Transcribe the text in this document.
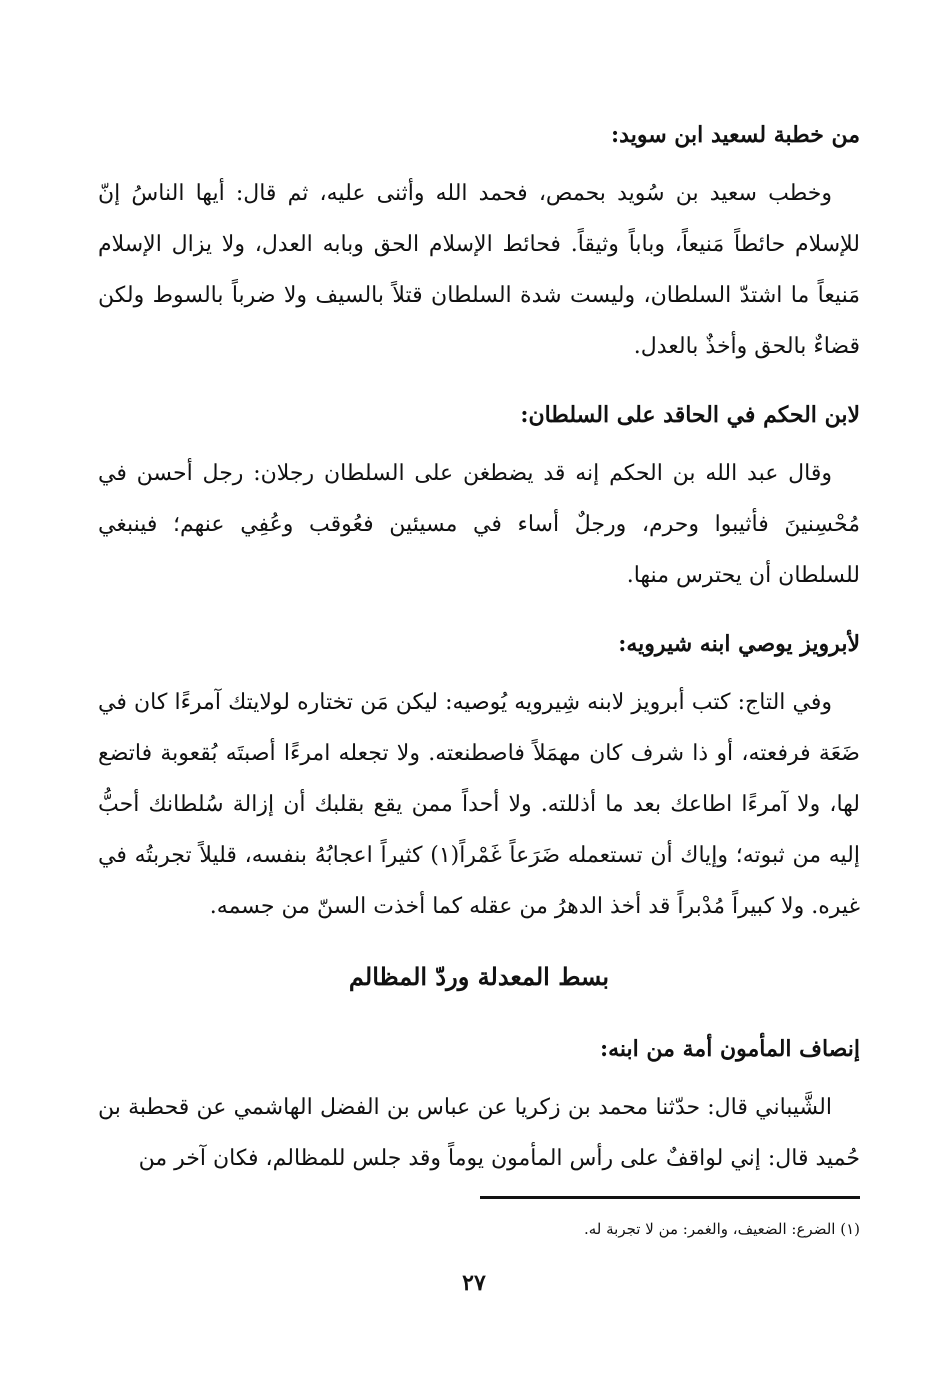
من خطبة لسعيد ابن سويد:

وخطب سعيد بن سُويد بحمص، فحمد الله وأثنى عليه، ثم قال: أيها الناسُ إنّ للإسلام حائطاً مَنيعاً، وباباً وثيقاً. فحائط الإسلام الحق وبابه العدل، ولا يزال الإسلام مَنيعاً ما اشتدّ السلطان، وليست شدة السلطان قتلاً بالسيف ولا ضرباً بالسوط ولكن قضاءٌ بالحق وأخذٌ بالعدل.

لابن الحكم في الحاقد على السلطان:

وقال عبد الله بن الحكم إنه قد يضطغن على السلطان رجلان: رجل أحسن في مُحْسِنينَ فأثيبوا وحرم، ورجلٌ أساء في مسيئين فعُوقب وعُفِي عنهم؛ فينبغي للسلطان أن يحترس منها.

لأبرويز يوصي ابنه شيرويه:

وفي التاج: كتب أبرويز لابنه شِيرويه يُوصيه: ليكن مَن تختاره لولايتك آمرءًا كان في ضَعَة فرفعته، أو ذا شرف كان مهمَلاً فاصطنعته. ولا تجعله امرءًا أصبتَه بُقعوبة فاتضع لها، ولا آمرءًا اطاعك بعد ما أذللته. ولا أحداً ممن يقع بقلبك أن إزالة سُلطانك أحبُّ إليه من ثبوته؛ وإياك أن تستعمله ضَرَعاً غَمْراً(١) كثيراً اعجابُهُ بنفسه، قليلاً تجربتُه في غيره. ولا كبيراً مُدْبراً قد أخذ الدهرُ من عقله كما أخذت السنّ من جسمه.

بسط المعدلة وردّ المظالم
إنصاف المأمون أمة من ابنه:

الشَّيباني قال: حدّثنا محمد بن زكريا عن عباس بن الفضل الهاشمي عن قحطبة بن حُميد قال: إني لواقفٌ على رأس المأمون يوماً وقد جلس للمظالم، فكان آخر من

(١) الضرع: الضعيف، والغمر: من لا تجربة له.
٢٧
